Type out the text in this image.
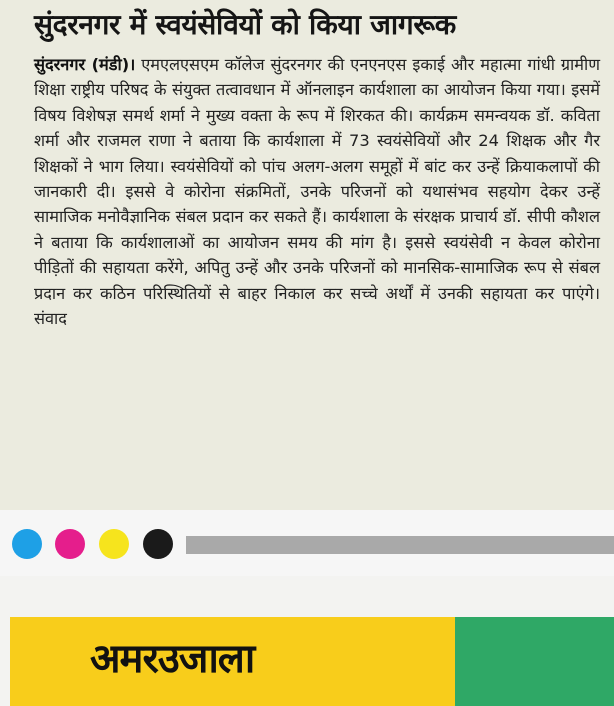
सुंदरनगर में स्वयंसेवियों को किया जागरूक

सुंदरनगर (मंडी)। एमएलएसएम कॉलेज सुंदरनगर की एनएनएस इकाई और महात्मा गांधी ग्रामीण शिक्षा राष्ट्रीय परिषद के संयुक्त तत्वावधान में ऑनलाइन कार्यशाला का आयोजन किया गया। इसमें विषय विशेषज्ञ समर्थ शर्मा ने मुख्य वक्ता के रूप में शिरकत की। कार्यक्रम समन्वयक डॉ. कविता शर्मा और राजमल राणा ने बताया कि कार्यशाला में 73 स्वयंसेवियों और 24 शिक्षक और गैर शिक्षकों ने भाग लिया। स्वयंसेवियों को पांच अलग-अलग समूहों में बांट कर उन्हें क्रियाकलापों की जानकारी दी। इससे वे कोरोना संक्रमितों, उनके परिजनों को यथासंभव सहयोग देकर उन्हें सामाजिक मनोवैज्ञानिक संबल प्रदान कर सकते हैं। कार्यशाला के संरक्षक प्राचार्य डॉ. सीपी कौशल ने बताया कि कार्यशालाओं का आयोजन समय की मांग है। इससे स्वयंसेवी न केवल कोरोना पीड़ितों की सहायता करेंगे, अपितु उन्हें और उनके परिजनों को मानसिक-सामाजिक रूप से संबल प्रदान कर कठिन परिस्थितियों से बाहर निकाल कर सच्चे अर्थों में उनकी सहायता कर पाएंगे। संवाद

अमरउजाला
